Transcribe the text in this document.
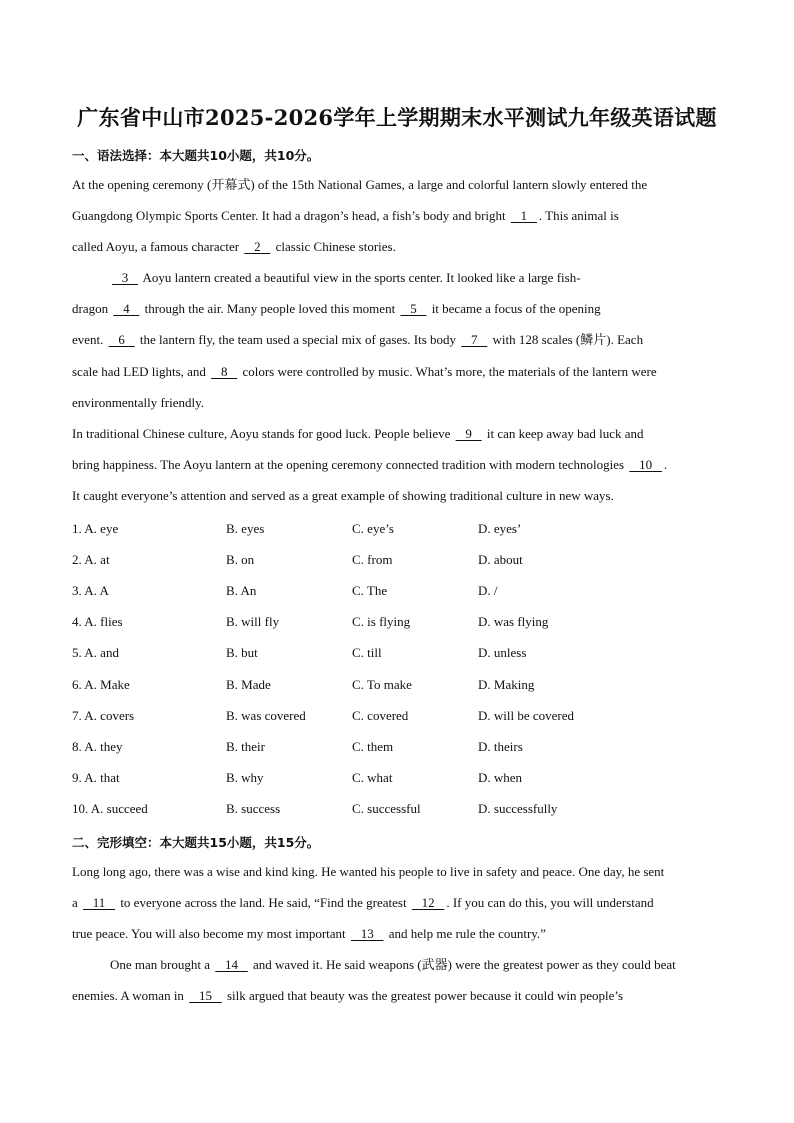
广东省中山市2025-2026学年上学期期末水平测试九年级英语试题
一、语法选择：本大题共10小题，共10分。
At the opening ceremony (开幕式) of the 15th National Games, a large and colorful lantern slowly entered the
Guangdong Olympic Sports Center. It had a dragon’s head, a fish’s body and bright    1   . This animal is
called Aoyu, a famous character    2    classic Chinese stories.
3    Aoyu lantern created a beautiful view in the sports center. It looked like a large fish-
dragon    4    through the air. Many people loved this moment    5    it became a focus of the opening
event.    6    the lantern fly, the team used a special mix of gases. Its body    7    with 128 scales (鳞片). Each
scale had LED lights, and    8    colors were controlled by music. What’s more, the materials of the lantern were
environmentally friendly.
In traditional Chinese culture, Aoyu stands for good luck. People believe    9    it can keep away bad luck and
bring happiness. The Aoyu lantern at the opening ceremony connected tradition with modern technologies    10   .
It caught everyone’s attention and served as a great example of showing traditional culture in new ways.
1. A. eye	B. eyes	C. eye’s	D. eyes’
2. A. at	B. on	C. from	D. about
3. A. A	B. An	C. The	D. /
4. A. flies	B. will fly	C. is flying	D. was flying
5. A. and	B. but	C. till	D. unless
6. A. Make	B. Made	C. To make	D. Making
7. A. covers	B. was covered	C. covered	D. will be covered
8. A. they	B. their	C. them	D. theirs
9. A. that	B. why	C. what	D. when
10. A. succeed	B. success	C. successful	D. successfully
二、完形填空：本大题共15小题，共15分。
Long long ago, there was a wise and kind king. He wanted his people to live in safety and peace. One day, he sent
a    11    to everyone across the land. He said, “Find the greatest    12   . If you can do this, you will understand
true peace. You will also become my most important    13    and help me rule the country.”
One man brought a    14    and waved it. He said weapons (武器) were the greatest power as they could beat
enemies. A woman in    15    silk argued that beauty was the greatest power because it could win people’s
